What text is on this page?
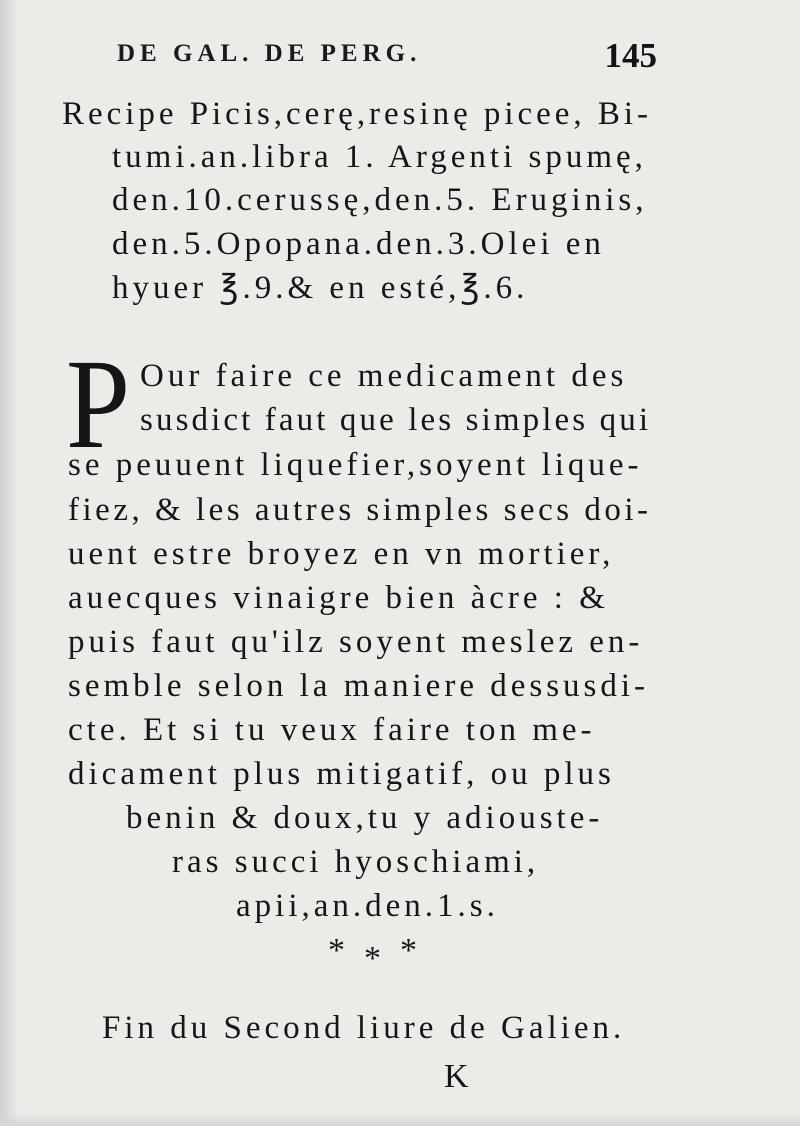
DE GAL. DE PERG.	145
Recipe Picis,cerę,resinę picee, Bi-
tumi.an.libra 1. Argenti spumę,
den.10.cerussę,den.5. Eruginis,
den.5.Opopana.den.3.Olei en
hyuer ℥.9.& en esté,℥.6.
P Our faire ce medicament des
susdict faut que les simples qui
se peuuent liquefier,soyent lique-
fiez, & les autres simples secs doi-
uent estre broyez en vn mortier,
auecques vinaigre bien àcre : &
puis faut qu'ilz soyent meslez en-
semble selon la maniere dessusdi-
cte. Et si tu veux faire ton me-
dicament plus mitigatif, ou plus
benin & doux,tu y adiouste-
ras succi hyoschiami,
apii,an.den.1.s.
* * *
Fin du Second liure de Galien.
K
